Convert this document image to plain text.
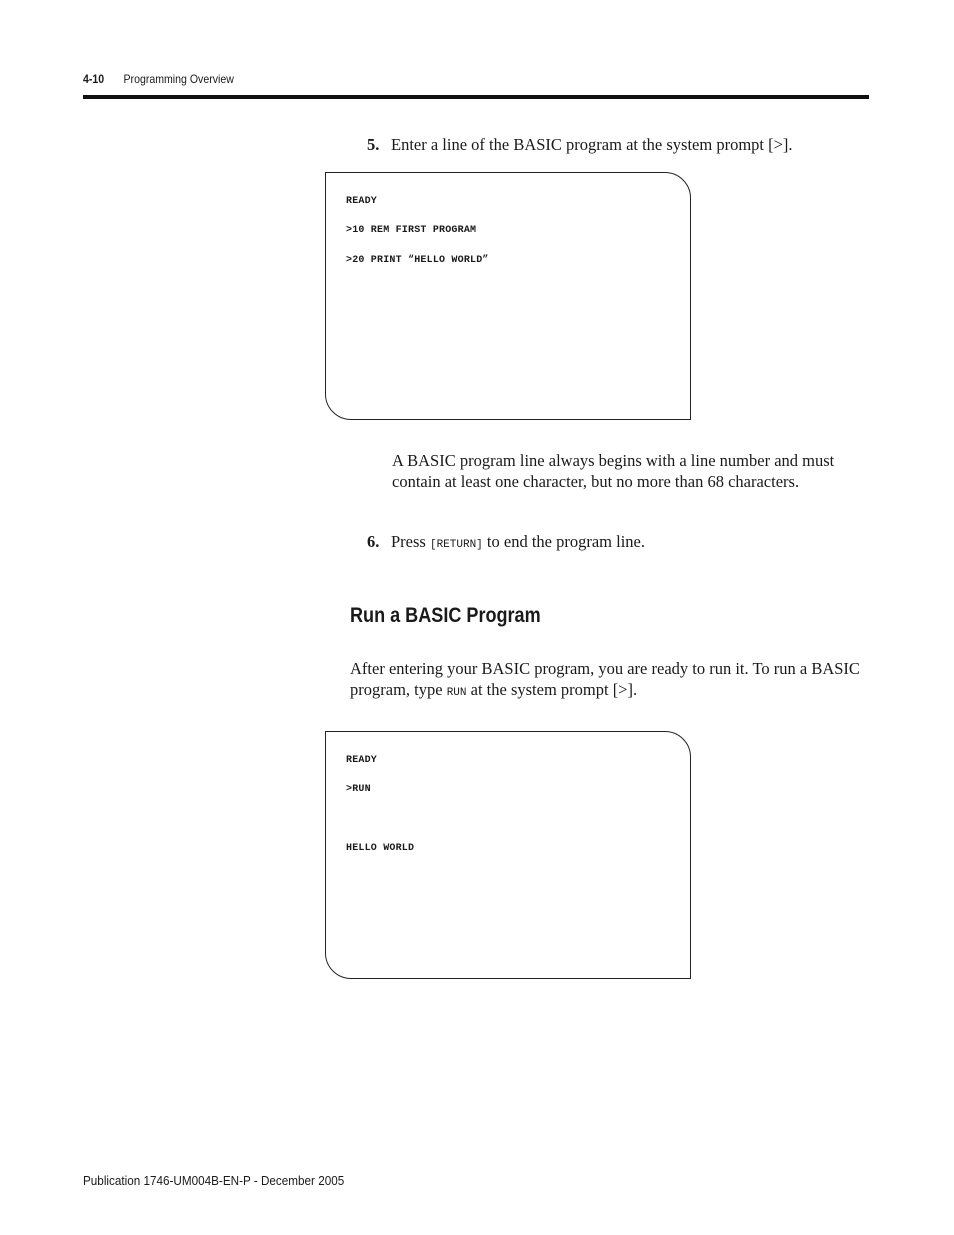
4-10 Programming Overview
5. Enter a line of the BASIC program at the system prompt [>].
READY
>10 REM FIRST PROGRAM
>20 PRINT “HELLO WORLD”
A BASIC program line always begins with a line number and must contain at least one character, but no more than 68 characters.
6. Press [RETURN] to end the program line.
Run a BASIC Program
After entering your BASIC program, you are ready to run it. To run a BASIC program, type RUN at the system prompt [>].
READY
>RUN
HELLO WORLD
Publication 1746-UM004B-EN-P - December 2005
